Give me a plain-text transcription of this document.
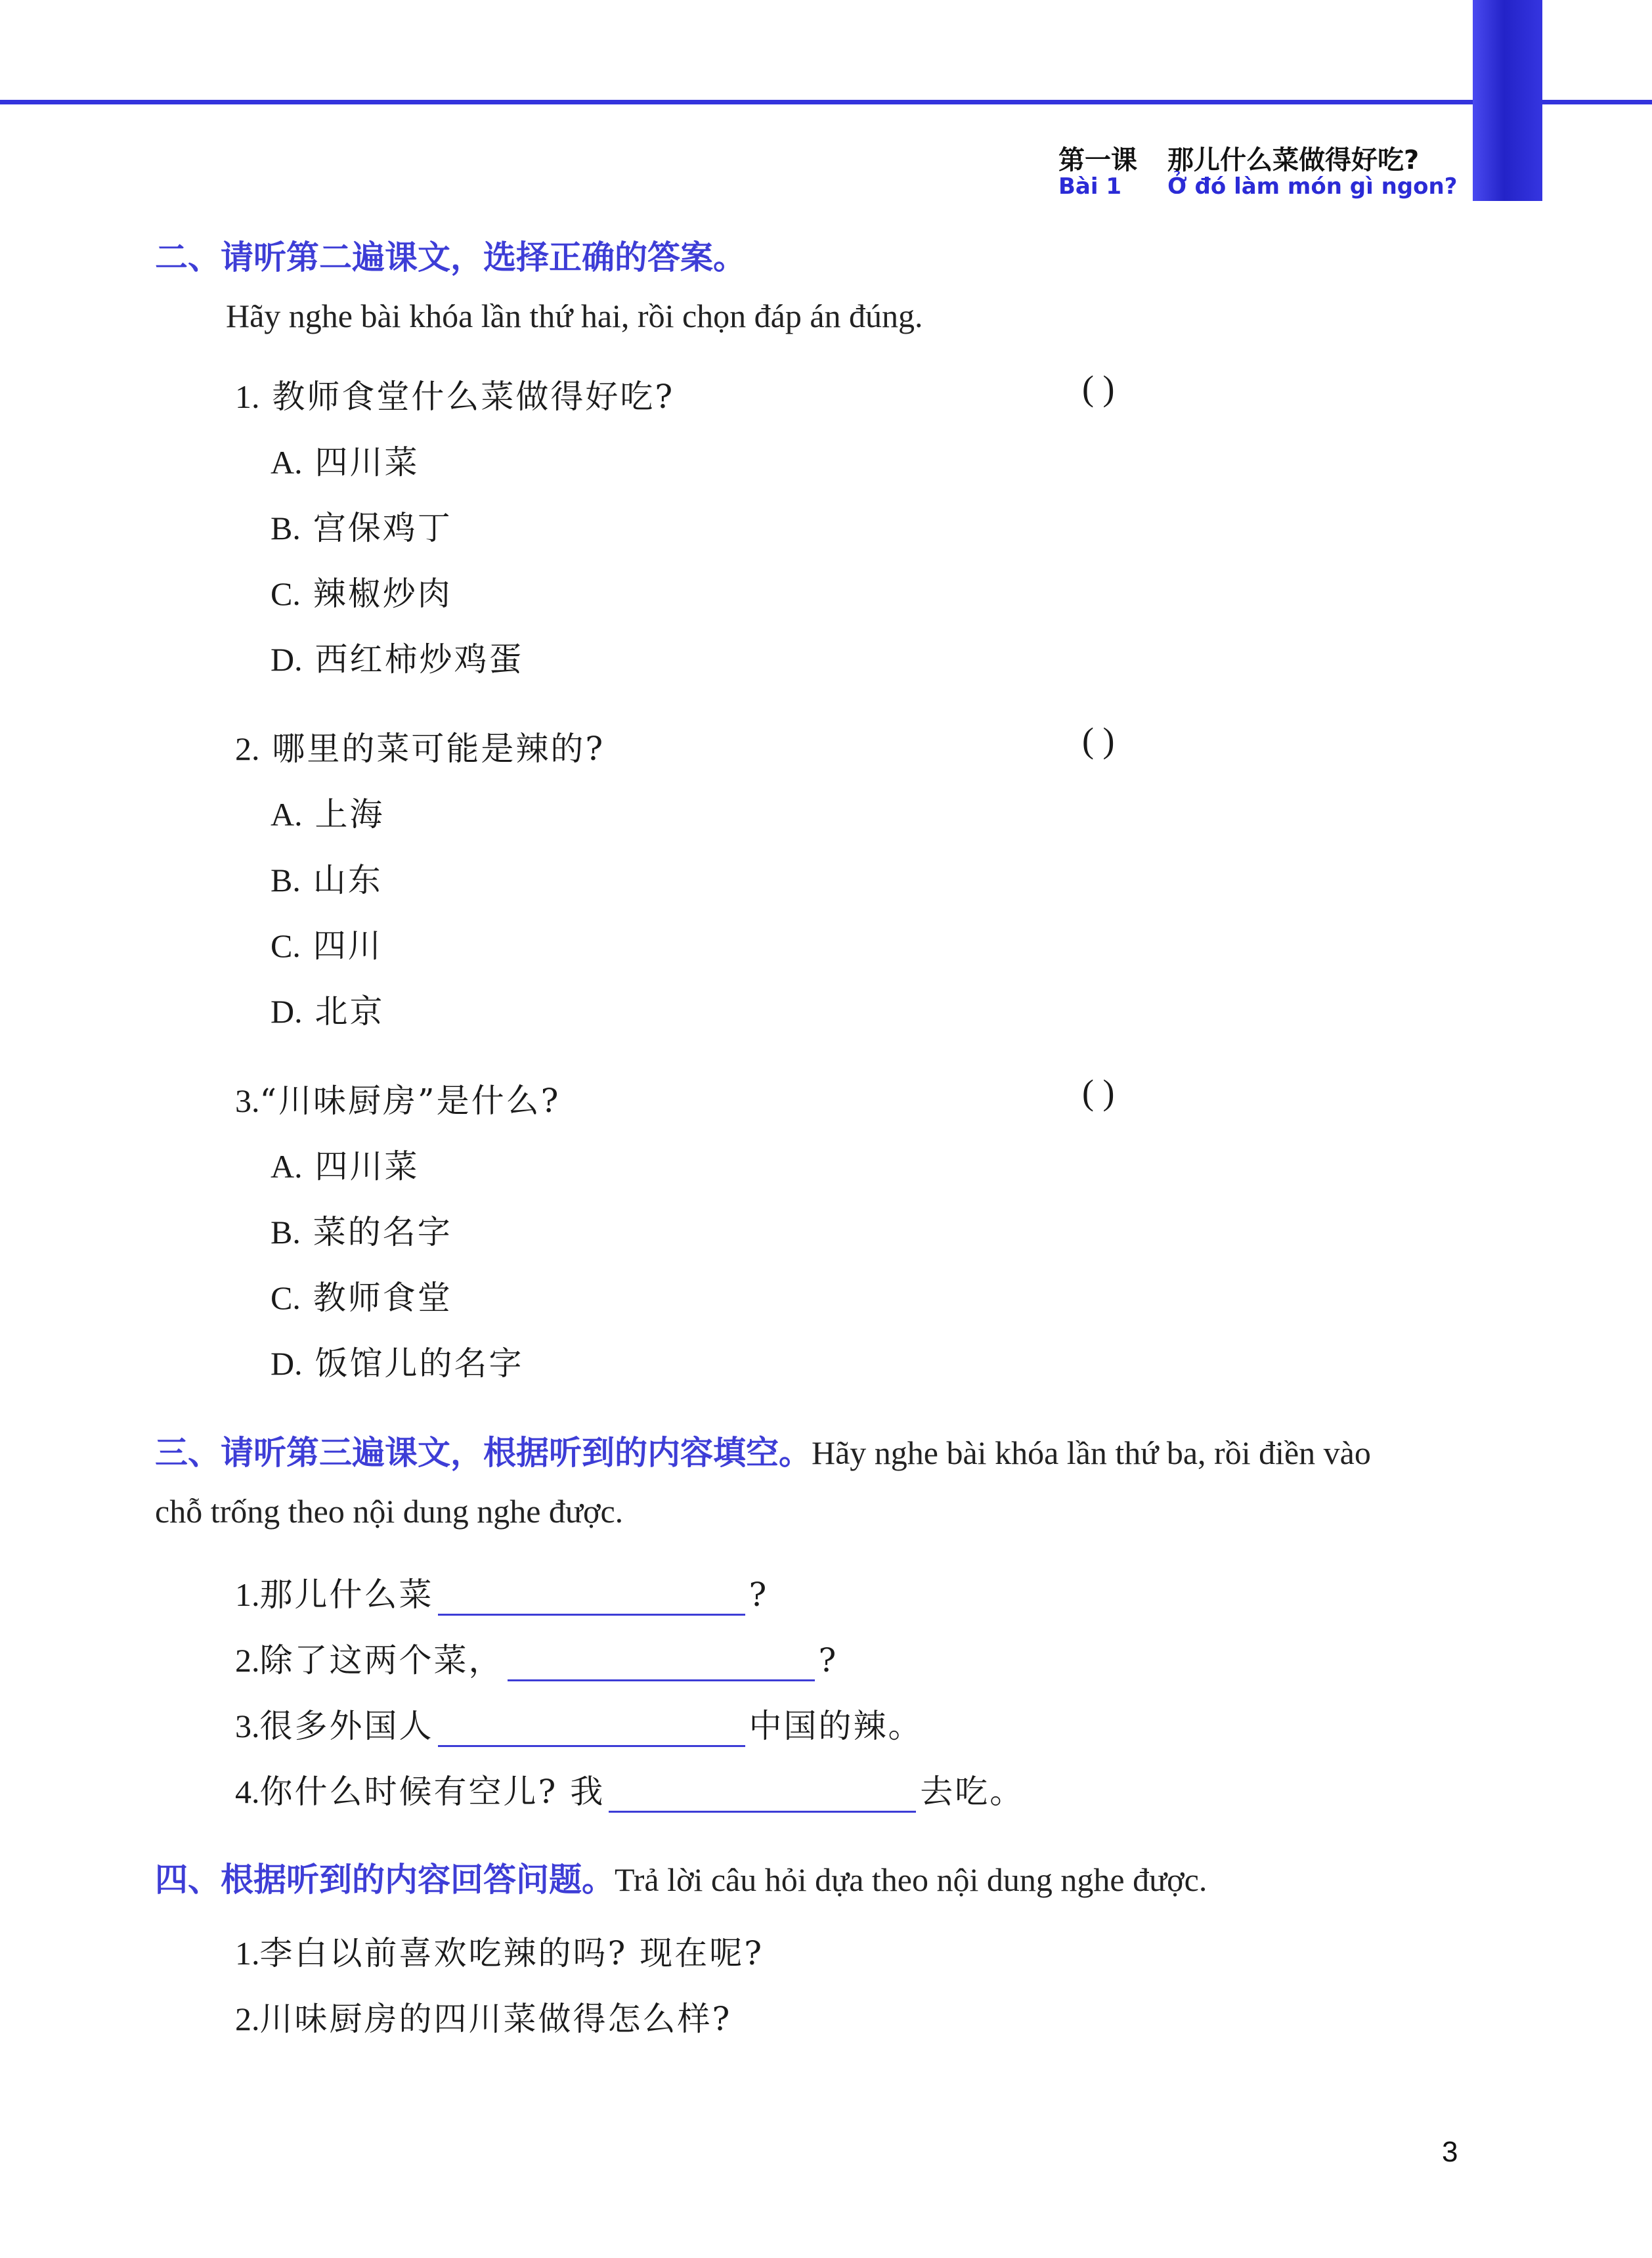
第一课 那儿什么菜做得好吃?
Bài 1 Ở đó làm món gì ngon?
二、请听第二遍课文，选择正确的答案。
Hãy nghe bài khóa lần thứ hai, rồi chọn đáp án đúng.
1. 教师食堂什么菜做得好吃?	( )
A. 四川菜
B. 宫保鸡丁
C. 辣椒炒肉
D. 西红柿炒鸡蛋
2. 哪里的菜可能是辣的?	( )
A. 上海
B. 山东
C. 四川
D. 北京
3.“川味厨房”是什么?	( )
A. 四川菜
B. 菜的名字
C. 教师食堂
D. 饭馆儿的名字
三、请听第三遍课文，根据听到的内容填空。Hãy nghe bài khóa lần thứ ba, rồi điền vào
chỗ trống theo nội dung nghe được.
1.那儿什么菜	?
2.除了这两个菜，	?
3.很多外国人	中国的辣。
4.你什么时候有空儿? 我	去吃。
四、根据听到的内容回答问题。Trả lời câu hỏi dựa theo nội dung nghe được.
1.李白以前喜欢吃辣的吗? 现在呢?
2.川味厨房的四川菜做得怎么样?
3
